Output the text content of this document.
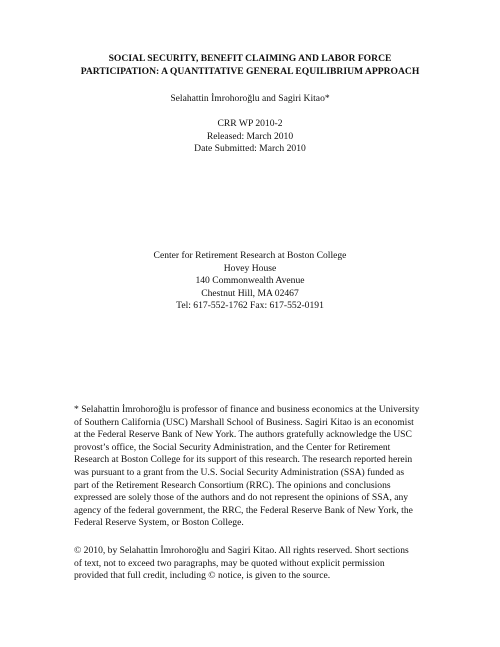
SOCIAL SECURITY, BENEFIT CLAIMING AND LABOR FORCE
PARTICIPATION: A QUANTITATIVE GENERAL EQUILIBRIUM APPROACH
Selahattin İmrohoroğlu and Sagiri Kitao*
CRR WP 2010-2
Released: March 2010
Date Submitted: March 2010
Center for Retirement Research at Boston College
Hovey House
140 Commonwealth Avenue
Chestnut Hill, MA 02467
Tel: 617-552-1762 Fax: 617-552-0191
* Selahattin İmrohoroğlu is professor of finance and business economics at the University
of Southern California (USC) Marshall School of Business. Sagiri Kitao is an economist
at the Federal Reserve Bank of New York. The authors gratefully acknowledge the USC
provost’s office, the Social Security Administration, and the Center for Retirement
Research at Boston College for its support of this research. The research reported herein
was pursuant to a grant from the U.S. Social Security Administration (SSA) funded as
part of the Retirement Research Consortium (RRC). The opinions and conclusions
expressed are solely those of the authors and do not represent the opinions of SSA, any
agency of the federal government, the RRC, the Federal Reserve Bank of New York, the
Federal Reserve System, or Boston College.
© 2010, by Selahattin İmrohoroğlu and Sagiri Kitao. All rights reserved. Short sections
of text, not to exceed two paragraphs, may be quoted without explicit permission
provided that full credit, including © notice, is given to the source.
